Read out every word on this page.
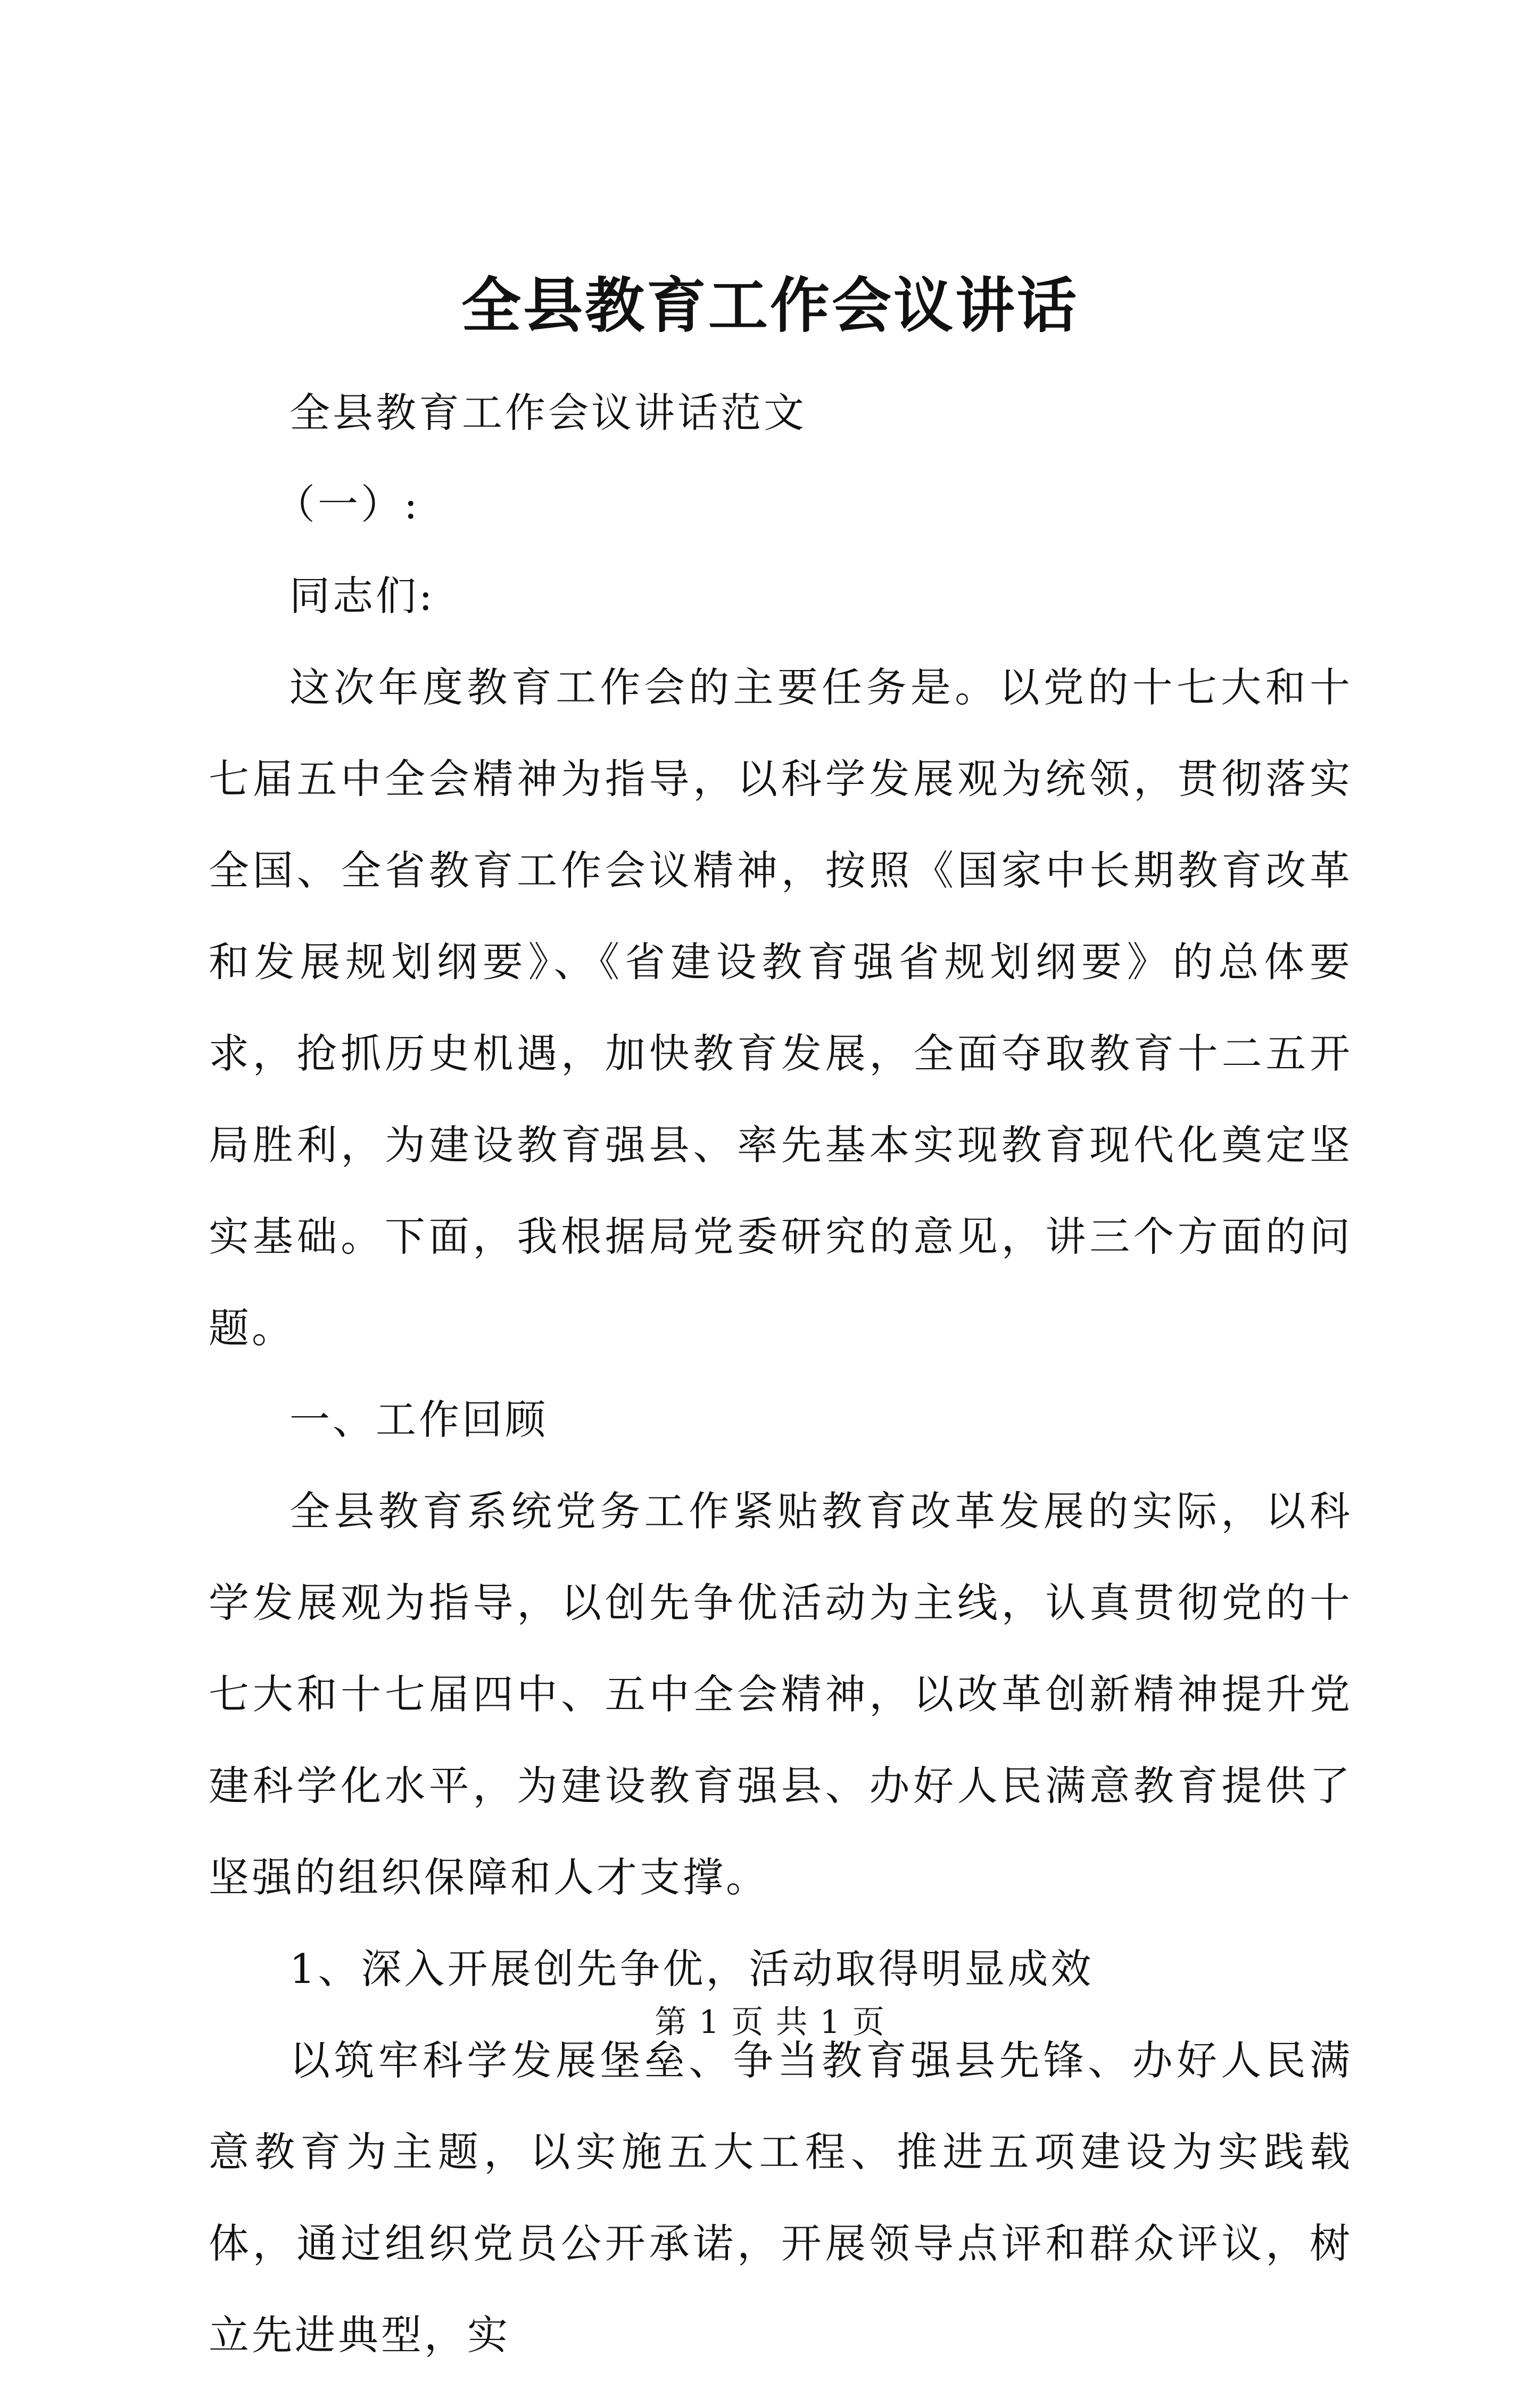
全县教育工作会议讲话

全县教育工作会议讲话范文

（一）:

同志们:

这次年度教育工作会的主要任务是。以党的十七大和十七届五中全会精神为指导，以科学发展观为统领，贯彻落实全国、全省教育工作会议精神，按照《国家中长期教育改革和发展规划纲要》、《省建设教育强省规划纲要》的总体要求，抢抓历史机遇，加快教育发展，全面夺取教育十二五开局胜利，为建设教育强县、率先基本实现教育现代化奠定坚实基础。下面，我根据局党委研究的意见，讲三个方面的问题。

一、工作回顾

全县教育系统党务工作紧贴教育改革发展的实际，以科学发展观为指导，以创先争优活动为主线，认真贯彻党的十七大和十七届四中、五中全会精神，以改革创新精神提升党建科学化水平，为建设教育强县、办好人民满意教育提供了坚强的组织保障和人才支撑。

1、深入开展创先争优，活动取得明显成效

以筑牢科学发展堡垒、争当教育强县先锋、办好人民满意教育为主题，以实施五大工程、推进五项建设为实践载体，通过组织党员公开承诺，开展领导点评和群众评议，树立先进典型，实

第 1 页 共 1 页
